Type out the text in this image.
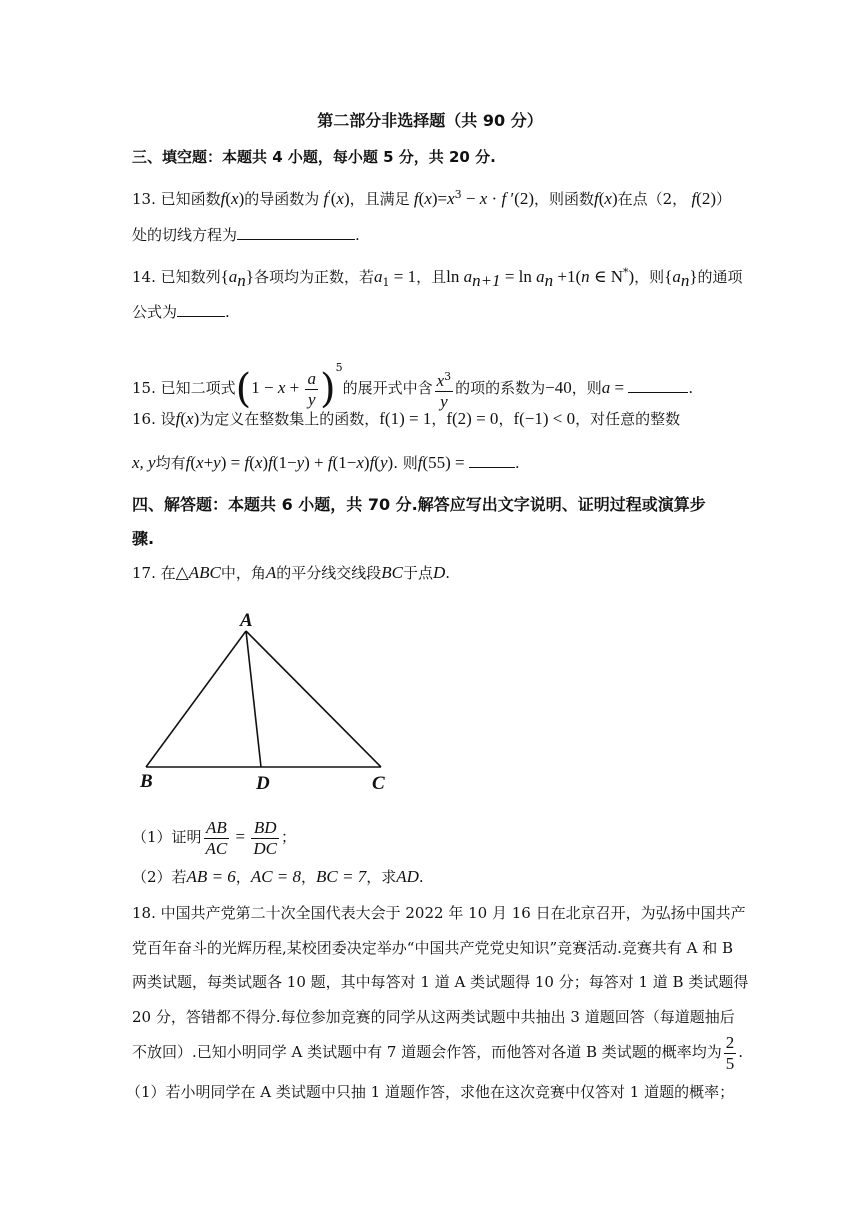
第二部分非选择题（共 90 分）
三、填空题：本题共 4 小题，每小题 5 分，共 20 分.
13. 已知函数f(x)的导函数为 f′(x)，且满足 $f(x)=x^3 - x \cdot f$ ′(2)，则函数f(x)在点（2， f(2)）
处的切线方程为	.
14. 已知数列$\{a_n\}$各项均为正数，若$a_1 = 1$，且$\ln a_{n+1} = \ln a_n +1(n$ ∈ N*)，则$\{a_n\}$的通项
公式为	.
15. 已知二项式$(1 - x + \frac{a}{y} )^5$的展开式中含 $\frac{x^3}{y}$ 的项的系数为−40，则a =	.
16. 设f(x)为定义在整数集上的函数，f(1) = 1，f(2) = 0，f(−1) < 0，对任意的整数
x, y均有f(x+y) = f(x)f(1−y) + f(1−x)f(y). 则f(55) =	.
四、解答题：本题共 6 小题，共 70 分.解答应写出文字说明、证明过程或演算步
骤.
17. 在△ABC中，角A的平分线交线段BC于点D.
A
B	D	C
（1）证明 $\frac{AB}{AC} = \frac{BD}{DC}$ ；
（2）若AB = 6，AC = 8，BC = 7，求AD.
18. 中国共产党第二十次全国代表大会于 2022 年 10 月 16 日在北京召开，为弘扬中国共产
党百年奋斗的光辉历程,某校团委决定举办“中国共产党党史知识”竞赛活动.竞赛共有 A 和 B
两类试题，每类试题各 10 题，其中每答对 1 道 A 类试题得 10 分；每答对 1 道 B 类试题得
20 分，答错都不得分.每位参加竞赛的同学从这两类试题中共抽出 3 道题回答（每道题抽后
不放回）.已知小明同学 A 类试题中有 7 道题会作答，而他答对各道 B 类试题的概率均为 $\frac{2}{5}$ .
（1）若小明同学在 A 类试题中只抽 1 道题作答，求他在这次竞赛中仅答对 1 道题的概率；
